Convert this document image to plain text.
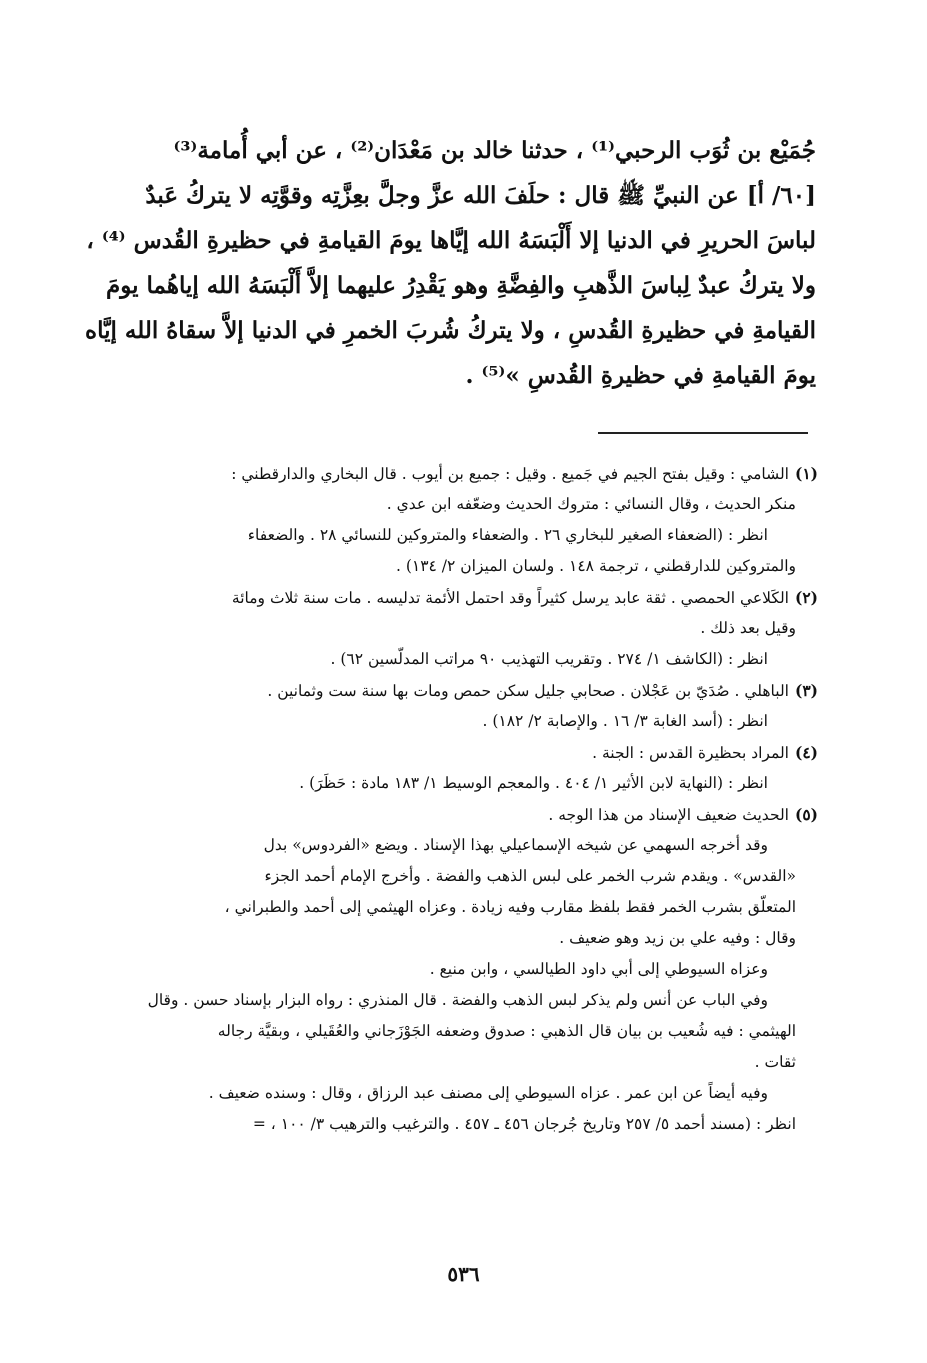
جُمَيْع بن ثُوَب الرحبي⁽¹⁾ ، حدثنا خالد بن مَعْدَان⁽²⁾ ، عن أبي أُمامة⁽³⁾
[٦٠/ أ] عن النبيِّ ﷺ قال : حلَفَ الله عزَّ وجلَّ بعِزَّتِه وقوَّتِه لا يتركُ عَبدٌ
لباسَ الحريرِ في الدنيا إلا أَلْبَسَهُ الله إيَّاها يومَ القيامةِ في حظيرةِ القُدس ⁽⁴⁾ ،
ولا يتركُ عبدٌ لِباسَ الذَّهبِ والفِضَّةِ وهو يَقْدِرُ عليهما إلاَّ أَلْبَسَهُ الله إياهُما يومَ
القيامةِ في حظيرةِ القُدسِ ، ولا يتركُ شُربَ الخمرِ في الدنيا إلاَّ سقاهُ الله إيَّاه
يومَ القيامةِ في حظيرةِ القُدسِ »⁽⁵⁾ .
(١)الشامي : وقيل بفتح الجيم في جَميع . وقيل : جميع بن أيوب . قال البخاري والدارقطني :
منكر الحديث ، وقال النسائي : متروك الحديث وضعّفه ابن عدي .
انظر : (الضعفاء الصغير للبخاري ٢٦ . والضعفاء والمتروكين للنسائي ٢٨ . والضعفاء
والمتروكين للدارقطني ، ترجمة ١٤٨ . ولسان الميزان ٢/ ١٣٤) .
(٢)الكَلاعي الحمصي . ثقة عابد يرسل كثيراً وقد احتمل الأئمة تدليسه . مات سنة ثلاث ومائة
وقيل بعد ذلك .
انظر : (الكاشف ١/ ٢٧٤ . وتقريب التهذيب ٩٠ مراتب المدلّسين ٦٢) .
(٣)الباهلي . صُدَيّ بن عَجْلان . صحابي جليل سكن حمص ومات بها سنة ست وثمانين .
انظر : (أسد الغابة ٣/ ١٦ . والإصابة ٢/ ١٨٢) .
(٤)المراد بحظيرة القدس : الجنة .
انظر : (النهاية لابن الأثير ١/ ٤٠٤ . والمعجم الوسيط ١/ ١٨٣ مادة : حَظَرَ) .
(٥)الحديث ضعيف الإسناد من هذا الوجه .
وقد أخرجه السهمي عن شيخه الإسماعيلي بهذا الإسناد . ويضع «الفردوس» بدل
«القدس» . ويقدم شرب الخمر على لبس الذهب والفضة . وأخرج الإمام أحمد الجزء
المتعلّق بشرب الخمر فقط بلفظ مقارب وفيه زيادة . وعزاه الهيثمي إلى أحمد والطبراني ،
وقال : وفيه علي بن زيد وهو ضعيف .
وعزاه السيوطي إلى أبي داود الطيالسي ، وابن منيع .
وفي الباب عن أنس ولم يذكر لبس الذهب والفضة . قال المنذري : رواه البزار بإسناد حسن . وقال
الهيثمي : فيه شُعيب بن بيان قال الذهبي : صدوق وضعفه الجَوْزَجاني والعُقَيلي ، وبقيَّة رجاله
ثقات .
وفيه أيضاً عن ابن عمر . عزاه السيوطي إلى مصنف عبد الرزاق ، وقال : وسنده ضعيف .
انظر : (مسند أحمد ٥/ ٢٥٧ وتاريخ جُرجان ٤٥٦ ـ ٤٥٧ . والترغيب والترهيب ٣/ ١٠٠ ، =
٥٣٦
